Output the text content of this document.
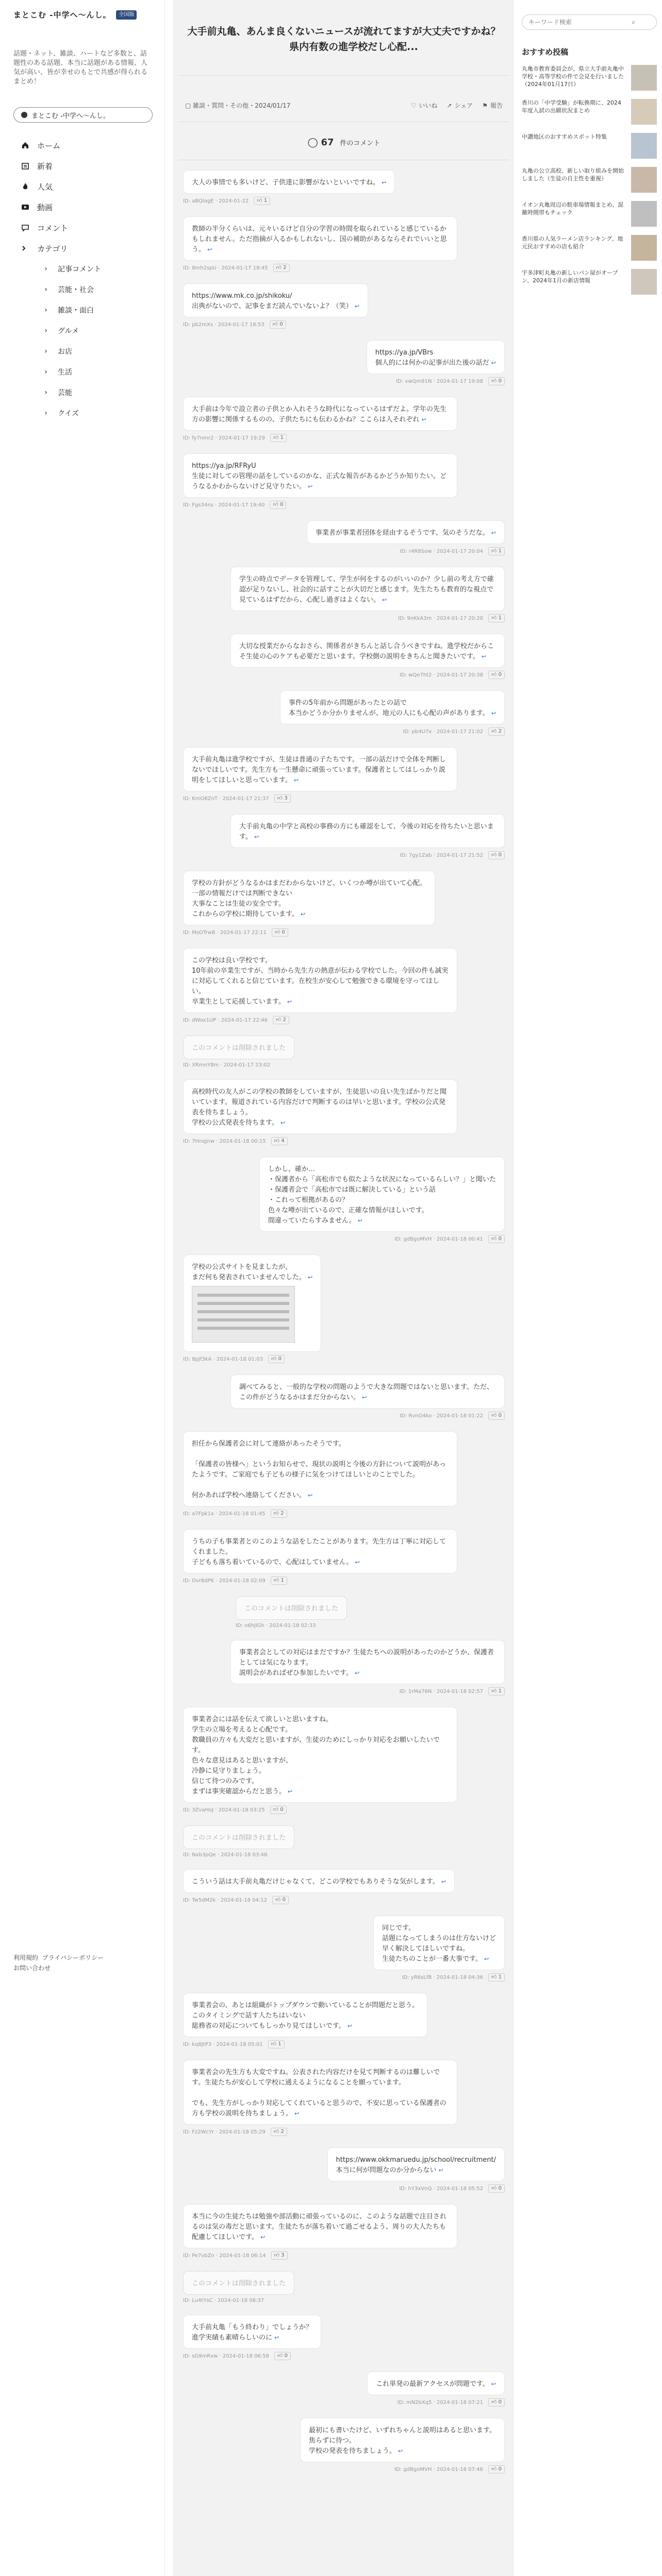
まとこむ -中学へ〜んし。	全国版
話題・ネット、雑談、ハートなど多数と、話題性のある話題、本当に話題がある情報、人気が高い、皆が幸せのもとで共感が得られるまとめ！
まとこむ -中学へ〜んし。
ホーム
新着
人気
動画
コメント
カテゴリ
›	記事コメント
›	芸能・社会
›	雑談・面白
›	グルメ
›	お店
›	生活
›	芸能
›	クイズ
利用規約 プライバシーポリシー
お問い合わせ
大手前丸亀、あんま良くないニュースが流れてますが大丈夫ですかね？
　　県内有数の進学校だし心配...
▢ 雑談・質問・その他・2024/01/17	♡ いいね ↗ シェア ⚑ 報告
◯ 67 件のコメント
大人の事情でも多いけど、子供達に影響がないといいですね。 ↩
ID: aBQlagE · 2024-01-22	👍︎ 1
教師の半分くらいは、元々いるけど自分の学習の時間を取られていると感じているかもしれません。ただ指摘が入るかもしれないし、国の補助があるならそれでいいと思う。 ↩
ID: 8mh2spU · 2024-01-17 18:45	👍︎ 2
https://www.mk.co.jp/shikoku/
出典がないので、記事をまだ読んでいないよ？（笑） ↩
ID: pb2mXs · 2024-01-17 18:53	👍︎ 0
https://ya.jp/VBrs
個人的には何かの記事が出た後の話だ ↩
ID: vwQm91N · 2024-01-17 19:08	👍︎ 0
大手前は今年で設立者の子供とか入れそうな時代になっているはずだよ。学年の先生方の影響に関係するものの、子供たちにも伝わるかね？ここらは人それぞれ ↩
ID: fy7nmr2 · 2024-01-17 19:29	👍︎ 1
https://ya.jp/RFRyU
生徒に対しての管理の話をしているのかな、正式な報告があるかどうか知りたい。どうなるかわからないけど見守りたい。 ↩
ID: Fgs34ns · 2024-01-17 19:40	👍︎ 0
事業者が事業者団体を経由するそうです、気のそうだな。 ↩
ID: r4R8Sow · 2024-01-17 20:04	👍︎ 1
学生の時点でデータを管理して、学生が何をするのがいいのか？少し前の考え方で確認が足りないし、社会的に話すことが大切だと感じます。先生たちも教育的な視点で見ているはずだから、心配し過ぎはよくない。 ↩
ID: 9nKkA3m · 2024-01-17 20:20	👍︎ 1
大切な授業だからなおさら、関係者がきちんと話し合うべきですね。進学校だからこそ生徒の心のケアも必要だと思います。学校側の説明をきちんと聞きたいです。 ↩
ID: wQe7ht2 · 2024-01-17 20:38	👍︎ 0
事件の5年前から問題があったとの話で
本当かどうか分かりませんが、地元の人にも心配の声があります。 ↩
ID: pb4U7x · 2024-01-17 21:02	👍︎ 2
大手前丸亀は進学校ですが、生徒は普通の子たちです。一部の話だけで全体を判断しないでほしいです。先生方も一生懸命に頑張っています。保護者としてはしっかり説明をしてほしいと思っています。 ↩
ID: KmO8ZnT · 2024-01-17 21:37	👍︎ 3
大手前丸亀の中学と高校の事務の方にも確認をして、今後の対応を待ちたいと思います。 ↩
ID: 7gy1Zab · 2024-01-17 21:52	👍︎ 0
学校の方針がどうなるかはまだわからないけど、いくつか噂が出ていて心配。
一部の情報だけでは判断できない
大事なことは生徒の安全です。
これからの学校に期待しています。 ↩
ID: MsOTrw8 · 2024-01-17 22:11	👍︎ 0
この学校は良い学校です。
10年前の卒業生ですが、当時から先生方の熱意が伝わる学校でした。今回の件も誠実に対応してくれると信じています。在校生が安心して勉強できる環境を守ってほしい。
卒業生として応援しています。 ↩
ID: dWox1UP · 2024-01-17 22:46	👍︎ 2
このコメントは削除されました
ID: XRmnY8m · 2024-01-17 23:02
高校時代の友人がこの学校の教師をしていますが、生徒思いの良い先生ばかりだと聞いています。報道されている内容だけで判断するのは早いと思います。学校の公式発表を待ちましょう。
学校の公式発表を待ちます。 ↩
ID: 7Hnqjnw · 2024-01-18 00:15	👍︎ 4
しかし、確か…
・保護者から「高松市でも似たような状況になっているらしい？」と聞いた
・保護者会で「高松市では既に解決している」という話
・これって根拠があるの？
色々な噂が出ているので、正確な情報がほしいです。
間違っていたらすみません。 ↩
ID: gdBgoMVH · 2024-01-18 00:41	👍︎ 0
学校の公式サイトを見ましたが、
まだ何も発表されていませんでした。 ↩
ID: 8pJf3kA · 2024-01-18 01:03	👍︎ 0
調べてみると、一般的な学校の問題のようで大きな問題ではないと思います。ただ、この件がどうなるかはまだ分からない。 ↩
ID: RvnO4ko · 2024-01-18 01:22	👍︎ 0
担任から保護者会に対して連絡があったそうです。

「保護者の皆様へ」というお知らせで、現状の説明と今後の方針について説明があったようです。ご家庭でも子どもの様子に気をつけてほしいとのことでした。

何かあれば学校へ連絡してください。 ↩
ID: a7Fpk1x · 2024-01-18 01:45	👍︎ 2
うちの子も事業者とのこのような話をしたことがあります。先生方は丁寧に対応してくれました。
子どもも落ち着いているので、心配はしていません。 ↩
ID: Dvr8dPK · 2024-01-18 02:09	👍︎ 1
このコメントは削除されました
ID: o6hJlGh · 2024-01-18 02:33
事業者会としての対応はまだですか？生徒たちへの説明があったのかどうか、保護者としては気になります。
説明会があればぜひ参加したいです。 ↩
ID: 1rMa76N · 2024-01-18 02:57	👍︎ 1
事業者会には話を伝えて欲しいと思いますね。
学生の立場を考えると心配です。
教職員の方々も大変だと思いますが、生徒のためにしっかり対応をお願いしたいです。
色々な意見はあると思いますが、
冷静に見守りましょう。
信じて待つのみです。
まずは事実確認からだと思う。 ↩
ID: 3ZvaHoJ · 2024-01-18 03:25	👍︎ 0
このコメントは削除されました
ID: Nxb3pQe · 2024-01-18 03:48
こういう話は大手前丸亀だけじゃなくて、どこの学校でもありそうな気がします。 ↩
ID: Tw5dM2k · 2024-01-18 04:12	👍︎ 0
同じです。
話題になってしまうのは仕方ないけど
早く解決してほしいですね。
生徒たちのことが一番大事です。 ↩
ID: yR6sLfB · 2024-01-18 04:36	👍︎ 1
事業者会の、あとは組織がトップダウンで動いていることが問題だと思う。
このタイミングで話す人たちはいない
総務省の対応についてもしっかり見てほしいです。 ↩
ID: kq8JtP3 · 2024-01-18 05:01	👍︎ 1
事業者会の先生方も大変ですね。公表された内容だけを見て判断するのは難しいです。生徒たちが安心して学校に通えるようになることを願っています。

でも、先生方がしっかり対応してくれていると思うので、不安に思っている保護者の方も学校の説明を待ちましょう。 ↩
ID: Fz2WcYr · 2024-01-18 05:29	👍︎ 2
https://www.okkmaruedu.jp/school/recruitment/
本当に何が問題なのか分からない ↩
ID: hY3xVnQ · 2024-01-18 05:52	👍︎ 0
本当に今の生徒たちは勉強や部活動に頑張っているのに、このような話題で注目されるのは気の毒だと思います。生徒たちが落ち着いて過ごせるよう、周りの大人たちも配慮してほしいです。 ↩
ID: Pe7vbZn · 2024-01-18 06:14	👍︎ 3
このコメントは削除されました
ID: Lu4tYsC · 2024-01-18 06:37
大手前丸亀「もう終わり」でしょうか？
進学実績も素晴らしいのに ↩
ID: sG9mRxw · 2024-01-18 06:58	👍︎ 0
これ単発の最新アクセスが問題です。 ↩
ID: mN2bXq5 · 2024-01-18 07:21	👍︎ 0
最初にも書いたけど、いずれちゃんと説明はあると思います。
焦らずに待つ。
学校の発表を待ちましょう。 ↩
ID: gdBgoMVH · 2024-01-18 07:46	👍︎ 0
キーワード検索
⌕
おすすめ投稿
丸亀市教育委員会が、県立大手前丸亀中学校・高等学校の件で会見を行いました（2024年01月17日）
香川の「中学受験」が転換期に、2024年度入試の出願状況まとめ
中讃地区のおすすめスポット特集
丸亀の公立高校、新しい取り組みを開始しました（生徒の自主性を重視）
イオン丸亀周辺の駐車場情報まとめ、混雑時間帯もチェック
香川県の人気ラーメン店ランキング、地元民おすすめの店も紹介
宇多津町丸亀の新しいパン屋がオープン、2024年1月の新店情報
